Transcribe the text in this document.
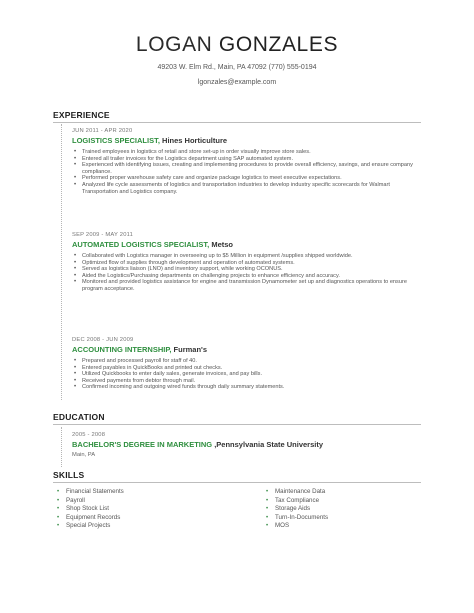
LOGAN GONZALES
49203 W. Elm Rd., Main, PA 47092 (770) 555-0194
lgonzales@example.com
EXPERIENCE
JUN 2011 - APR 2020
LOGISTICS SPECIALIST, Hines Horticulture
• Trained employees in logistics of retail and store set-up in order visually improve store sales.
• Entered all trailer invoices for the Logistics department using SAP automated system.
• Experienced with identifying issues, creating and implementing procedures to provide overall efficiency, savings, and ensure company compliance.
• Performed proper warehouse safety care and organize package logistics to meet executive expectations.
• Analyzed life cycle assessments of logistics and transportation industries to develop industry specific scorecards for Walmart Transportation and Logistics company.
SEP 2009 - MAY 2011
AUTOMATED LOGISTICS SPECIALIST, Metso
• Collaborated with Logistics manager in overseeing up to $5 Million in equipment /supplies shipped worldwide.
• Optimized flow of supplies through development and operation of automated systems.
• Served as logistics liaison (LNO) and inventory support, while working OCONUS.
• Aided the Logistics/Purchasing departments on challenging projects to enhance efficiency and accuracy.
• Monitored and provided logistics assistance for engine and transmission Dynamometer set up and diagnostics operations to ensure program acceptance.
DEC 2008 - JUN 2009
ACCOUNTING INTERNSHIP, Furman's
• Prepared and processed payroll for staff of 40.
• Entered payables in QuickBooks and printed out checks.
• Utilized Quickbooks to enter daily sales, generate invoices, and pay bills.
• Received payments from debtor through mail.
• Confirmed incoming and outgoing wired funds through daily summary statements.
EDUCATION
2005 - 2008
BACHELOR'S DEGREE IN MARKETING ,Pennsylvania State University
Main, PA
SKILLS
• Financial Statements
• Payroll
• Shop Stock List
• Equipment Records
• Special Projects
• Maintenance Data
• Tax Compliance
• Storage Aids
• Turn-In-Documents
• MOS
